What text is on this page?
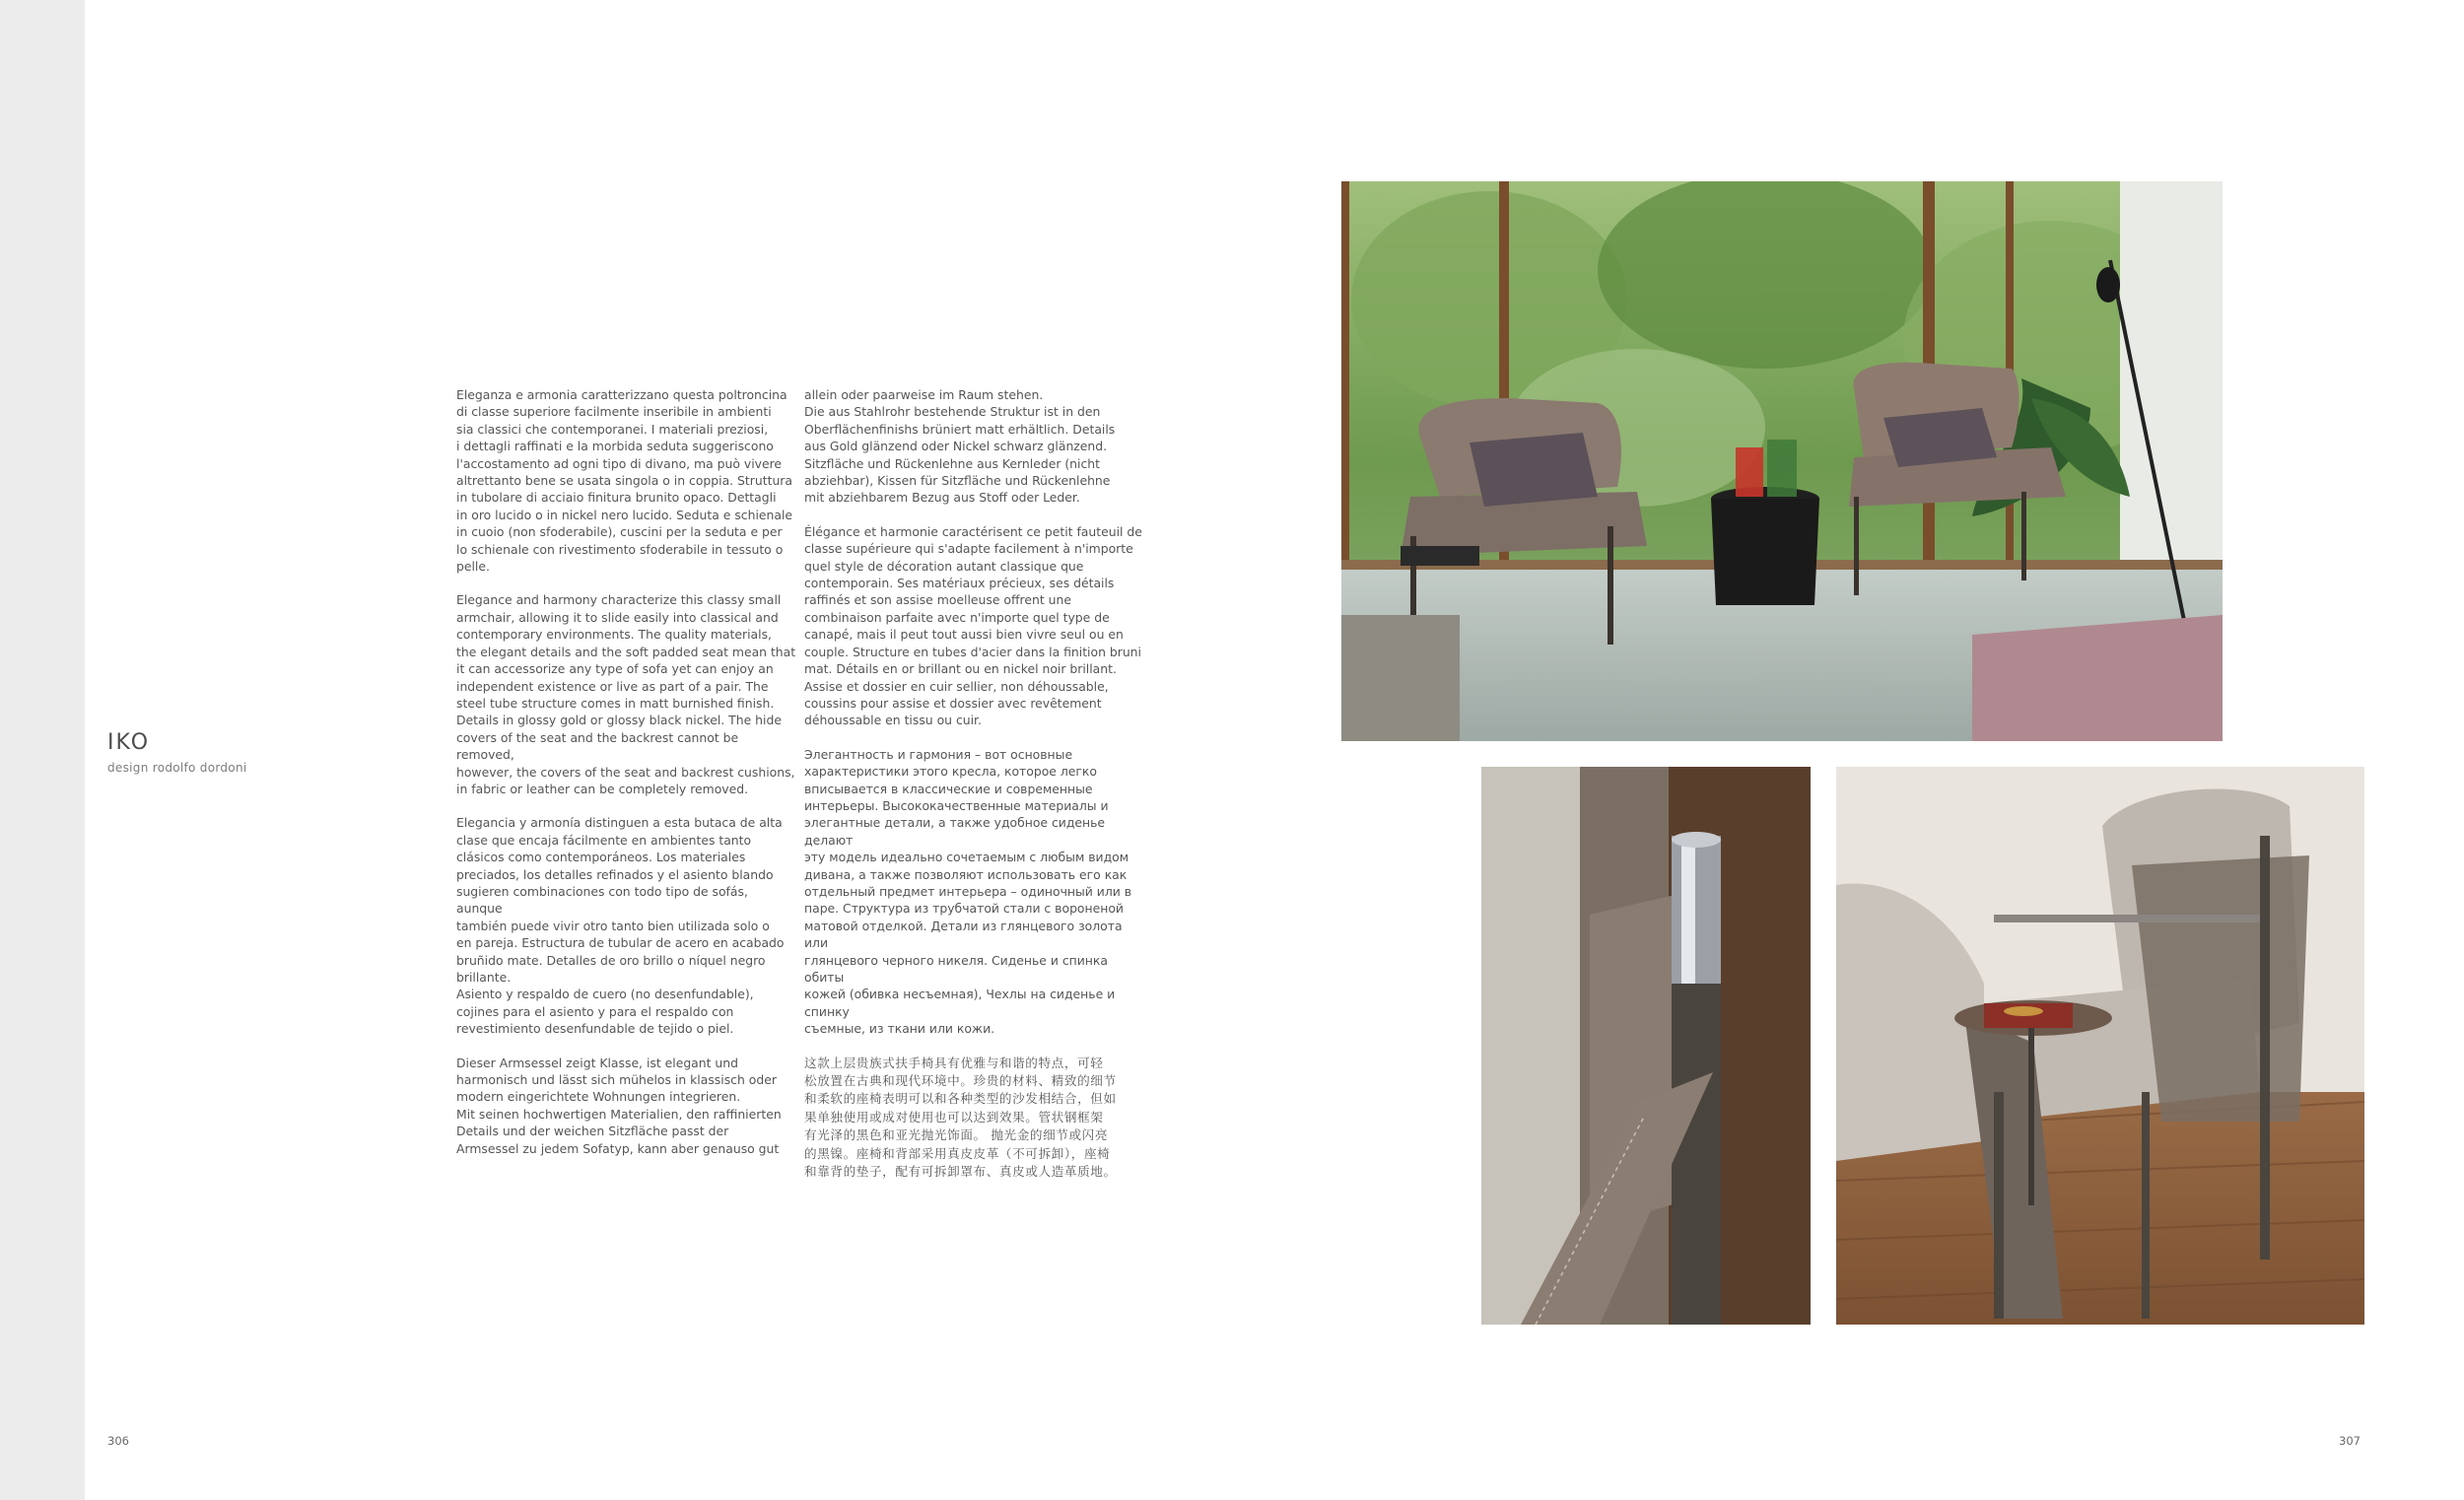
IKO
design rodolfo dordoni

Eleganza e armonia caratterizzano questa poltroncina
di classe superiore facilmente inseribile in ambienti
sia classici che contemporanei. I materiali preziosi,
i dettagli raffinati e la morbida seduta suggeriscono
l'accostamento ad ogni tipo di divano, ma può vivere
altrettanto bene se usata singola o in coppia. Struttura
in tubolare di acciaio finitura brunito opaco. Dettagli
in oro lucido o in nickel nero lucido. Seduta e schienale
in cuoio (non sfoderabile), cuscini per la seduta e per
lo schienale con rivestimento sfoderabile in tessuto o
pelle.

Elegance and harmony characterize this classy small
armchair, allowing it to slide easily into classical and
contemporary environments. The quality materials,
the elegant details and the soft padded seat mean that
it can accessorize any type of sofa yet can enjoy an
independent existence or live as part of a pair. The
steel tube structure comes in matt burnished finish.
Details in glossy gold or glossy black nickel. The hide
covers of the seat and the backrest cannot be removed,
however, the covers of the seat and backrest cushions,
in fabric or leather can be completely removed.

Elegancia y armonía distinguen a esta butaca de alta
clase que encaja fácilmente en ambientes tanto
clásicos como contemporáneos. Los materiales
preciados, los detalles refinados y el asiento blando
sugieren combinaciones con todo tipo de sofás, aunque
también puede vivir otro tanto bien utilizada solo o
en pareja. Estructura de tubular de acero en acabado
bruñido mate. Detalles de oro brillo o níquel negro
brillante.
Asiento y respaldo de cuero (no desenfundable),
cojines para el asiento y para el respaldo con
revestimiento desenfundable de tejido o piel.

Dieser Armsessel zeigt Klasse, ist elegant und
harmonisch und lässt sich mühelos in klassisch oder
modern eingerichtete Wohnungen integrieren.
Mit seinen hochwertigen Materialien, den raffinierten
Details und der weichen Sitzfläche passt der
Armsessel zu jedem Sofatyp, kann aber genauso gut

allein oder paarweise im Raum stehen.
Die aus Stahlrohr bestehende Struktur ist in den
Oberflächenfinishs brüniert matt erhältlich. Details
aus Gold glänzend oder Nickel schwarz glänzend.
Sitzfläche und Rückenlehne aus Kernleder (nicht
abziehbar), Kissen für Sitzfläche und Rückenlehne
mit abziehbarem Bezug aus Stoff oder Leder.

Élégance et harmonie caractérisent ce petit fauteuil de
classe supérieure qui s'adapte facilement à n'importe
quel style de décoration autant classique que
contemporain. Ses matériaux précieux, ses détails
raffinés et son assise moelleuse offrent une
combinaison parfaite avec n'importe quel type de
canapé, mais il peut tout aussi bien vivre seul ou en
couple. Structure en tubes d'acier dans la finition bruni
mat. Détails en or brillant ou en nickel noir brillant.
Assise et dossier en cuir sellier, non déhoussable,
coussins pour assise et dossier avec revêtement
déhoussable en tissu ou cuir.

Элегантность и гармония – вот основные
характеристики этого кресла, которое легко
вписывается в классические и современные
интерьеры. Высококачественные материалы и
элегантные детали, а также удобное сиденье делают
эту модель идеально сочетаемым с любым видом
дивана, а также позволяют использовать его как
отдельный предмет интерьера – одиночный или в
паре. Структура из трубчатой стали с вороненой
матовой отделкой. Детали из глянцевого золота или
глянцевого черного никеля. Сиденье и спинка обиты
кожей (обивка несъемная), Чехлы на сиденье и спинку
съемные, из ткани или кожи.

这款上层贵族式扶手椅具有优雅与和谐的特点，可轻
松放置在古典和现代环境中。珍贵的材料、精致的细节
和柔软的座椅表明可以和各种类型的沙发相结合，但如
果单独使用或成对使用也可以达到效果。管状钢框架
有光泽的黑色和亚光抛光饰面。 抛光金的细节或闪亮
的黑镍。座椅和背部采用真皮皮革（不可拆卸），座椅
和靠背的垫子，配有可拆卸罩布、真皮或人造革质地。

306	307
